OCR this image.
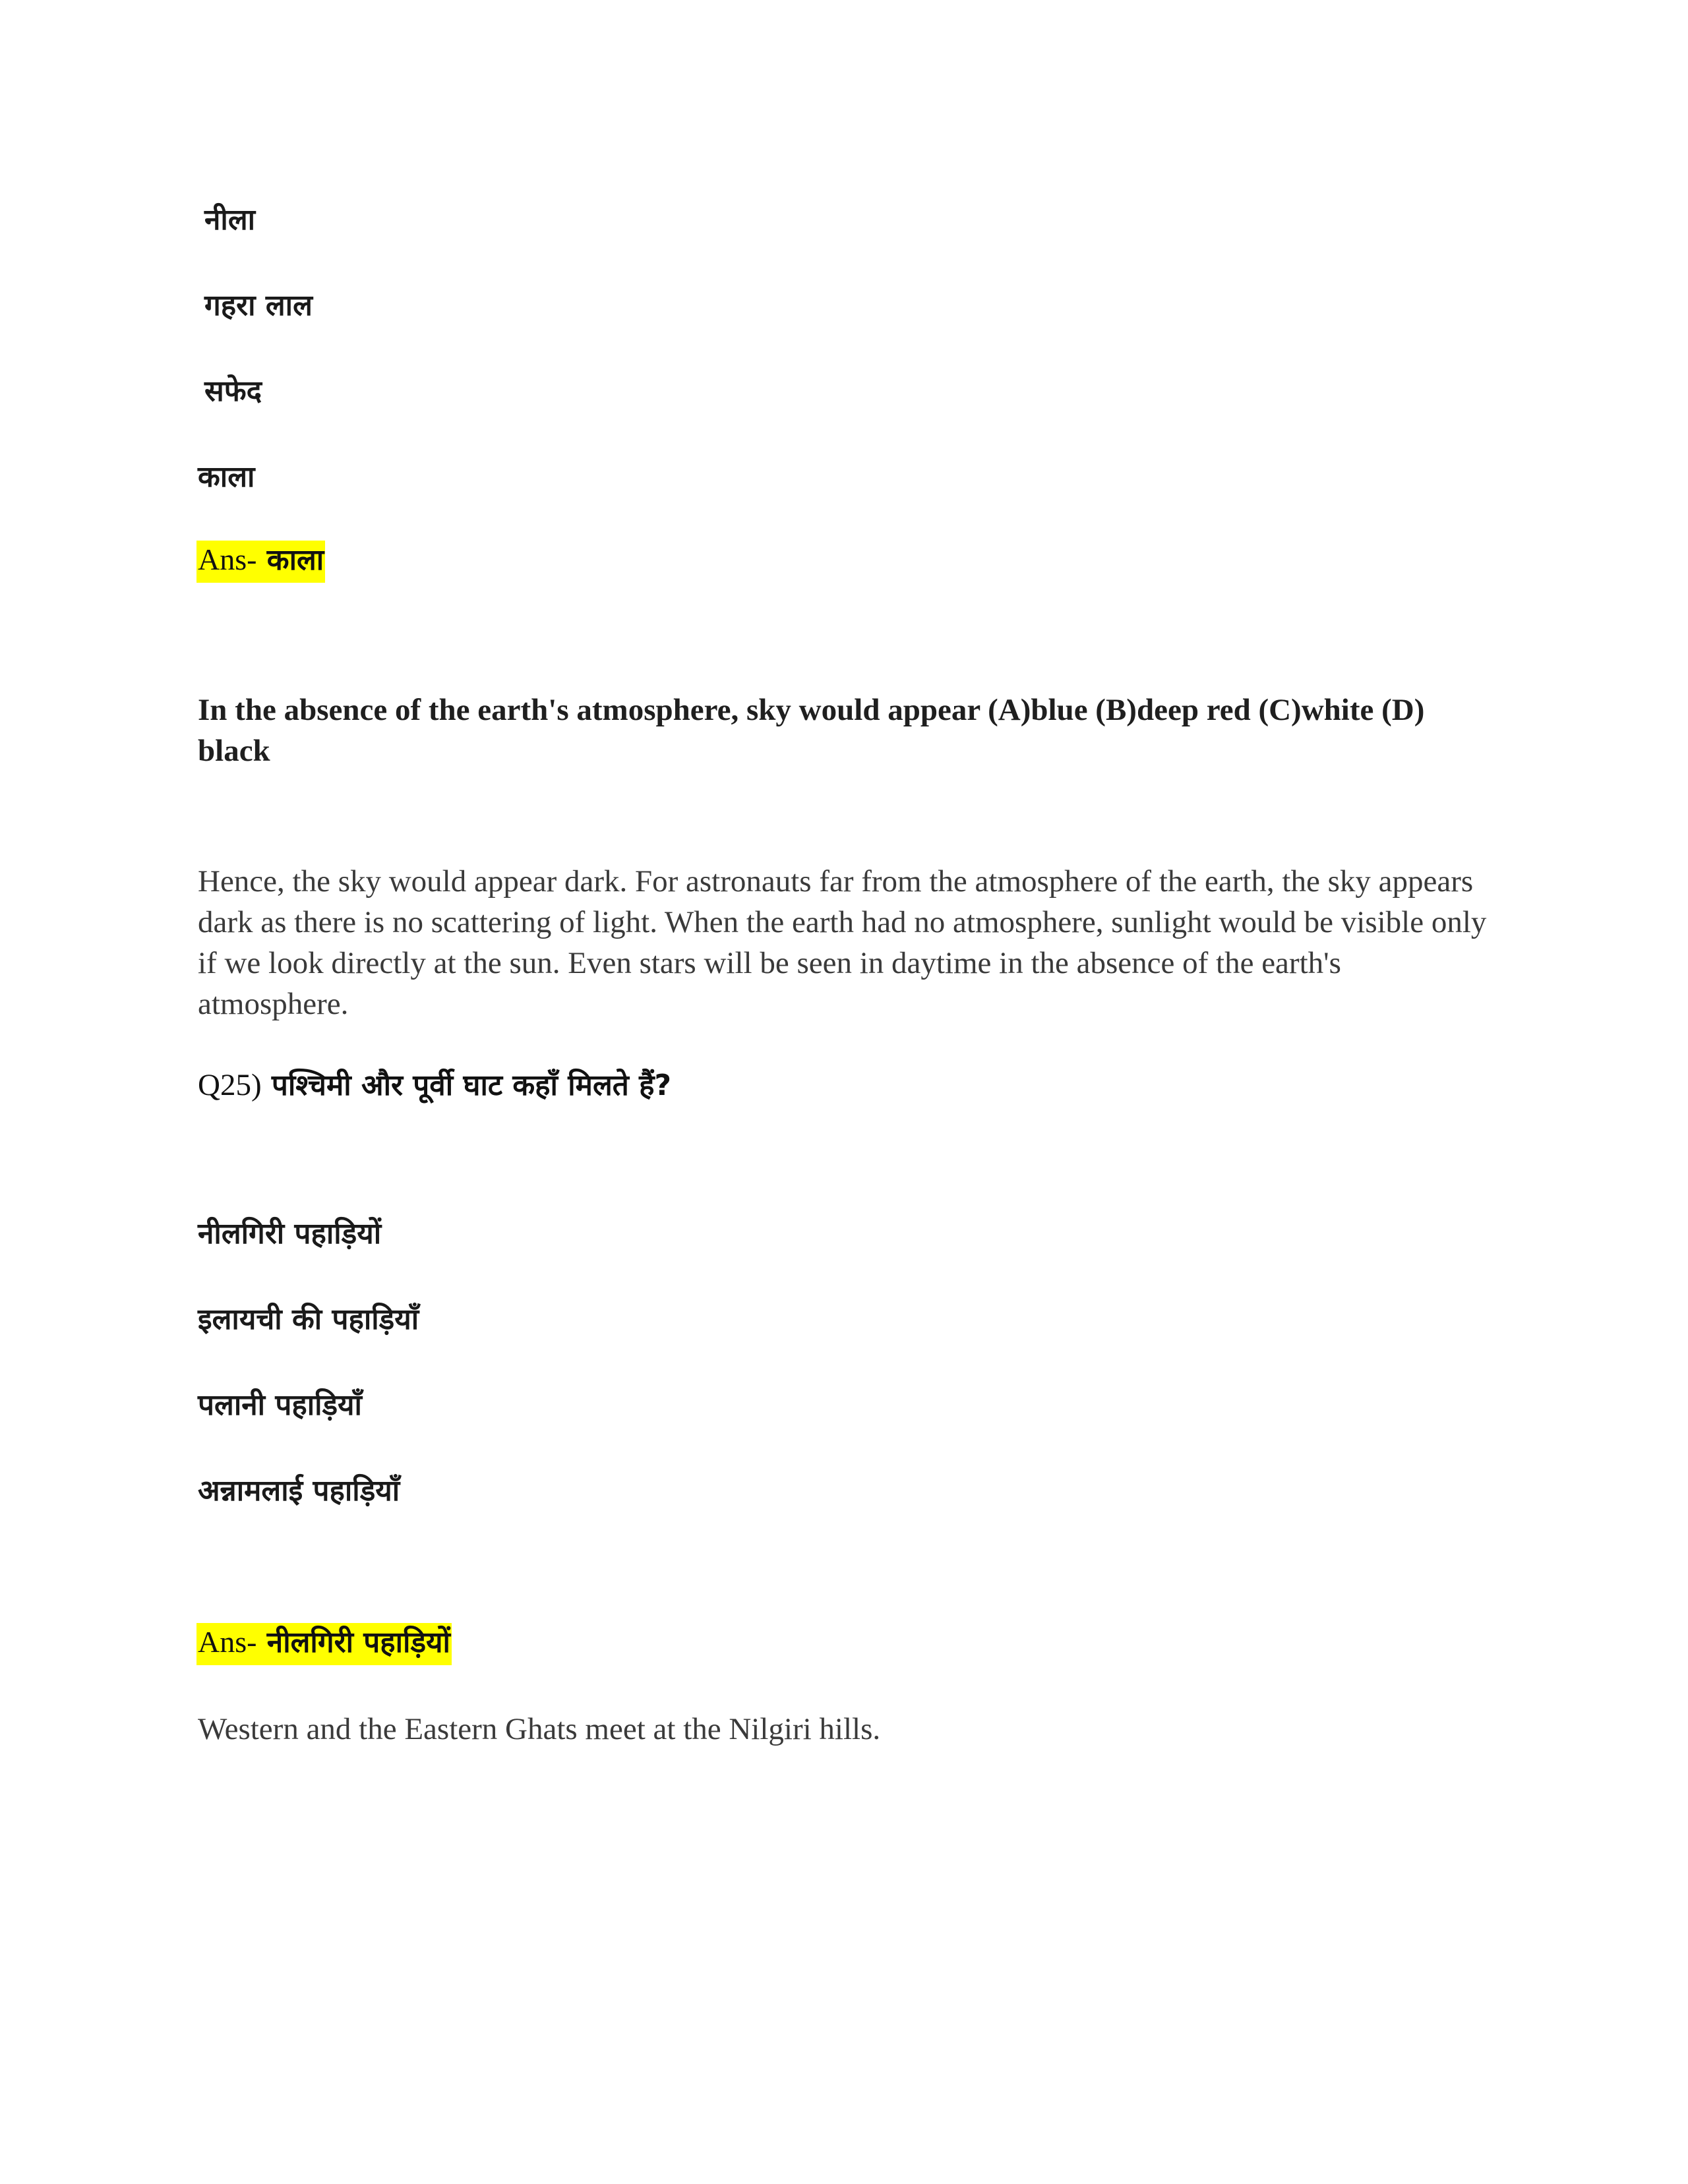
नीला
गहरा लाल
सफेद
काला
Ans- काला
In the absence of the earth's atmosphere, sky would appear (A)blue (B)deep red (C)white (D) black
Hence, the sky would appear dark. For astronauts far from the atmosphere of the earth, the sky appears dark as there is no scattering of light. When the earth had no atmosphere, sunlight would be visible only if we look directly at the sun. Even stars will be seen in daytime in the absence of the earth's atmosphere.
Q25) पश्चिमी और पूर्वी घाट कहाँ मिलते हैं?
नीलगिरी पहाड़ियों
इलायची की पहाड़ियाँ
पलानी पहाड़ियाँ
अन्नामलाई पहाड़ियाँ
Ans- नीलगिरी पहाड़ियों
Western and the Eastern Ghats meet at the Nilgiri hills.
